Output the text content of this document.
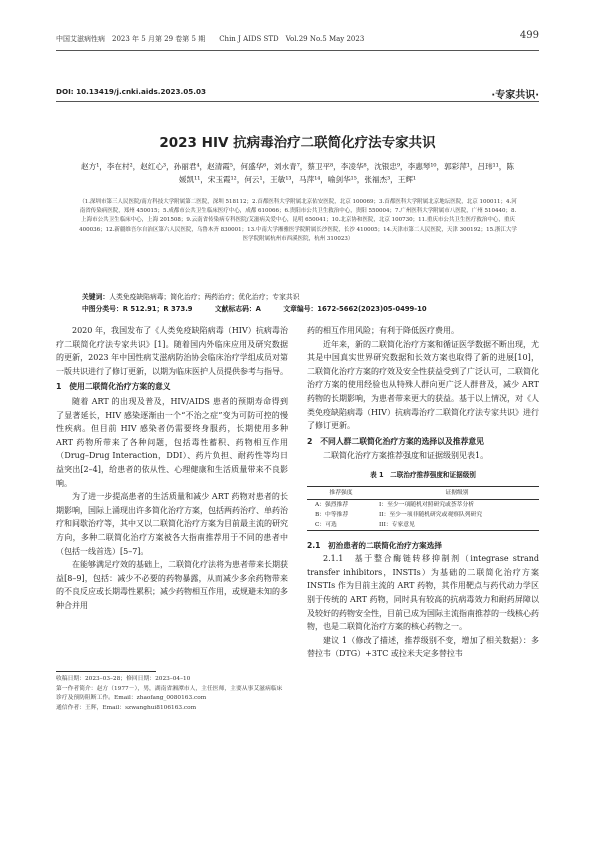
中国艾滋病性病　2023 年 5 月第 29 卷第 5 期　　Chin J AIDS STD　Vol.29 No.5 May 2023	499
DOI: 10.13419/j.cnki.aids.2023.05.03	·专家共识·
2023 HIV 抗病毒治疗二联简化疗法专家共识
赵方¹，李在村²，赵红心³，孙丽君⁴，赵清霞⁵，何盛华⁶，刘水青⁷，蔡卫平⁸，李凌华⁸，沈银忠⁹，李惠琴¹⁰，郭彩萍¹，吕玮¹¹，陈媛凯¹¹，宋玉霞¹²，何云¹，王敏¹³，马萍¹⁴，喻剑华¹⁵，张福杰³，王辉¹
（1.深圳市第三人民医院/南方科技大学附属第二医院，深圳 518112；2.首都医科大学附属北京佑安医院，北京 100069；3.首都医科大学附属北京地坛医院，北京 100011；4.河南省传染病医院，郑州 450015；5.成都市公共卫生临床医疗中心，成都 610066；6.贵阳市公共卫生救治中心，贵阳 550004；7.广州医科大学附属市八医院，广州 510440；8.上海市公共卫生临床中心，上海 201508；9.云南省传染病专科医院/艾滋病关爱中心，昆明 650041；10.北京协和医院，北京 100730；11.重庆市公共卫生医疗救治中心，重庆 400036；12.新疆维吾尔自治区第六人民医院，乌鲁木齐 830001；13.中南大学湘雅医学院附属长沙医院，长沙 410005；14.天津市第二人民医院，天津 300192；15.浙江大学医学院附属杭州市西溪医院，杭州 310023）
关键词：人类免疫缺陷病毒；简化治疗；两药治疗；优化治疗；专家共识
中图分类号：R 512.91；R 373.9	文献标志码：A	文章编号：1672-5662(2023)05-0499-10

2020 年，我国发布了《人类免疫缺陷病毒（HIV）抗病毒治疗二联简化疗法专家共识》[1]。随着国内外临床应用及研究数据的更新，2023 年中国性病艾滋病防治协会临床治疗学组成员对第一版共识进行了修订更新，以期为临床医护人员提供参考与指导。

1　使用二联简化治疗方案的意义

随着 ART 的出现及普及，HIV/AIDS 患者的预期寿命得到了显著延长，HIV 感染逐渐由一个“不治之症”变为可防可控的慢性疾病。但目前 HIV 感染者仍需要终身服药，长期使用多种 ART 药物所带来了各种问题，包括毒性蓄积、药物相互作用（Drug–Drug Interaction，DDI）、药片负担、耐药性等均日益突出[2–4]，给患者的依从性、心理健康和生活质量带来不良影响。

为了进一步提高患者的生活质量和减少 ART 药物对患者的长期影响，国际上涌现出许多简化治疗方案，包括两药治疗、单药治疗和间歇治疗等，其中又以二联简化治疗方案为目前最主流的研究方向，多种二联简化治疗方案被各大指南推荐用于不同的患者中（包括一线首选）[5–7]。

在能够满足疗效的基础上，二联简化疗法将为患者带来长期获益[8–9]，包括：减少不必要的药物暴露，从而减少多余药物带来的不良反应或长期毒性累积；减少药物相互作用，或规避未知的多种合并用

收稿日期：2023–03–28；修回日期：2023–04–10
第一作者简介：赵方（1977－），男，湖南省湘潭市人，主任医师，主要从事艾滋病临床诊疗及预防阻断工作。Email：zhaofang_0080163.com
通信作者：王辉，Email：szwanghui8106163.com

药的相互作用风险；有利于降低医疗费用。

近年来，新的二联简化治疗方案和循证医学数据不断出现，尤其是中国真实世界研究数据和长效方案也取得了新的进展[10]，二联简化治疗方案的疗效及安全性获益受到了广泛认可，二联简化治疗方案的使用经验也从特殊人群向更广泛人群普及，减少 ART 药物的长期影响，为患者带来更大的获益。基于以上情况，对《人类免疫缺陷病毒（HIV）抗病毒治疗二联简化疗法专家共识》进行了修订更新。

2　不同人群二联简化治疗方案的选择以及推荐意见

二联简化治疗方案推荐强度和证据级别见表1。

表 1　二联治疗推荐强度和证据级别
推荐强度	证据级别
A：强烈推荐	I：至少一项随机对照研究或荟萃分析
B：中等推荐	II：至少一项非随机研究或观察队列研究
C：可选	III：专家意见
2.1　初治患者的二联简化治疗方案选择

2.1.1　基于整合酶链转移抑制剂（integrase strand transfer inhibitors，INSTIs）为基础的二联简化治疗方案　INSTIs 作为目前主流的 ART 药物，其作用靶点与药代动力学区别于传统的 ART 药物，同时具有较高的抗病毒效力和耐药屏障以及较好的药物安全性，目前已成为国际主流指南推荐的一线核心药物，也是二联简化治疗方案的核心药物之一。

建议 1（修改了描述，推荐级别不变，增加了相关数据）：多替拉韦（DTG）+3TC 或拉米夫定多替拉韦
